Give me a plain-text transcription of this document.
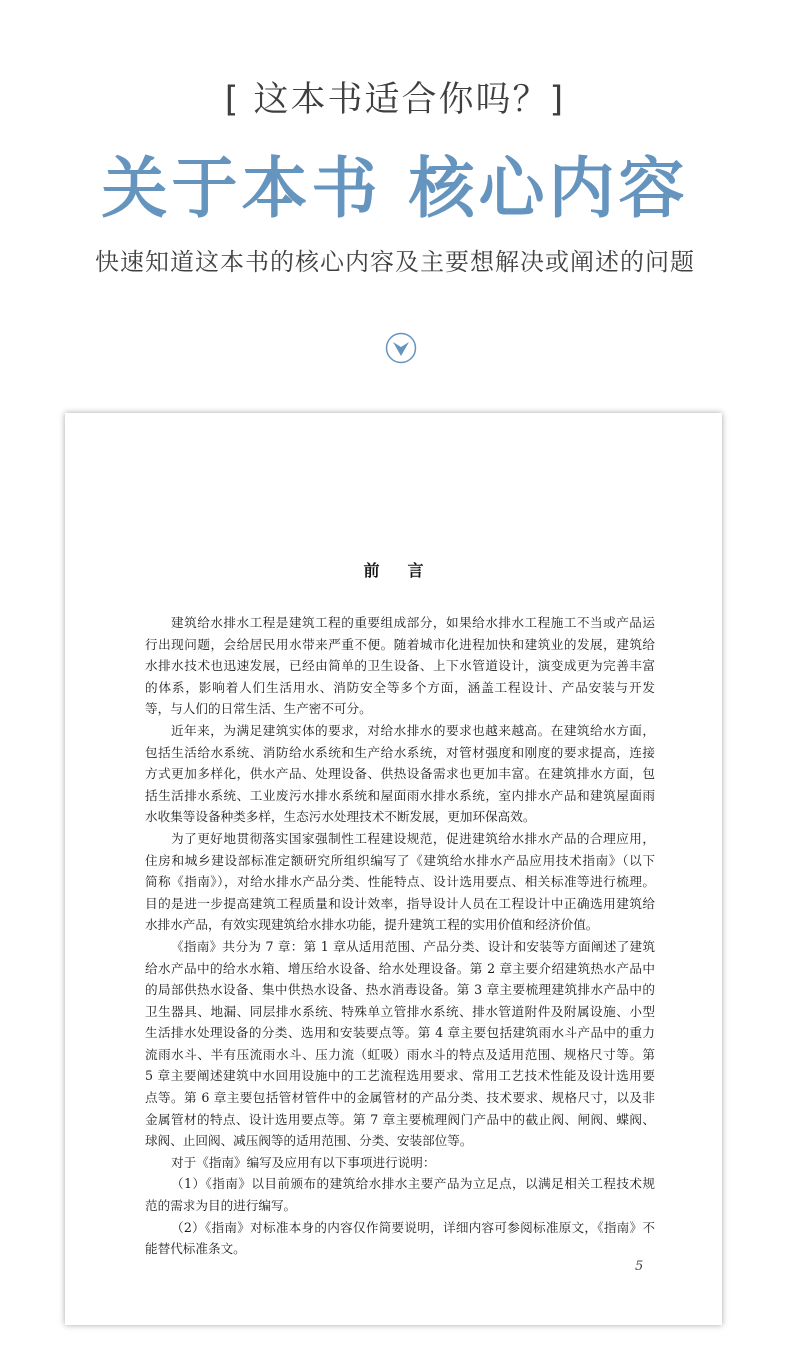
[ 这本书适合你吗？]
关于本书 核心内容
快速知道这本书的核心内容及主要想解决或阐述的问题
前 言
建筑给水排水工程是建筑工程的重要组成部分，如果给水排水工程施工不当或产品运
行出现问题，会给居民用水带来严重不便。随着城市化进程加快和建筑业的发展，建筑给
水排水技术也迅速发展，已经由简单的卫生设备、上下水管道设计，演变成更为完善丰富
的体系，影响着人们生活用水、消防安全等多个方面，涵盖工程设计、产品安装与开发
等，与人们的日常生活、生产密不可分。
近年来，为满足建筑实体的要求，对给水排水的要求也越来越高。在建筑给水方面，
包括生活给水系统、消防给水系统和生产给水系统，对管材强度和刚度的要求提高，连接
方式更加多样化，供水产品、处理设备、供热设备需求也更加丰富。在建筑排水方面，包
括生活排水系统、工业废污水排水系统和屋面雨水排水系统，室内排水产品和建筑屋面雨
水收集等设备种类多样，生态污水处理技术不断发展，更加环保高效。
为了更好地贯彻落实国家强制性工程建设规范，促进建筑给水排水产品的合理应用，
住房和城乡建设部标准定额研究所组织编写了《建筑给水排水产品应用技术指南》（以下
简称《指南》），对给水排水产品分类、性能特点、设计选用要点、相关标准等进行梳理。
目的是进一步提高建筑工程质量和设计效率，指导设计人员在工程设计中正确选用建筑给
水排水产品，有效实现建筑给水排水功能，提升建筑工程的实用价值和经济价值。
《指南》共分为 7 章：第 1 章从适用范围、产品分类、设计和安装等方面阐述了建筑
给水产品中的给水水箱、增压给水设备、给水处理设备。第 2 章主要介绍建筑热水产品中
的局部供热水设备、集中供热水设备、热水消毒设备。第 3 章主要梳理建筑排水产品中的
卫生器具、地漏、同层排水系统、特殊单立管排水系统、排水管道附件及附属设施、小型
生活排水处理设备的分类、选用和安装要点等。第 4 章主要包括建筑雨水斗产品中的重力
流雨水斗、半有压流雨水斗、压力流（虹吸）雨水斗的特点及适用范围、规格尺寸等。第
5 章主要阐述建筑中水回用设施中的工艺流程选用要求、常用工艺技术性能及设计选用要
点等。第 6 章主要包括管材管件中的金属管材的产品分类、技术要求、规格尺寸，以及非
金属管材的特点、设计选用要点等。第 7 章主要梳理阀门产品中的截止阀、闸阀、蝶阀、
球阀、止回阀、减压阀等的适用范围、分类、安装部位等。
对于《指南》编写及应用有以下事项进行说明：
（1）《指南》以目前颁布的建筑给水排水主要产品为立足点，以满足相关工程技术规
范的需求为目的进行编写。
（2）《指南》对标准本身的内容仅作简要说明，详细内容可参阅标准原文，《指南》不
能替代标准条文。
5
